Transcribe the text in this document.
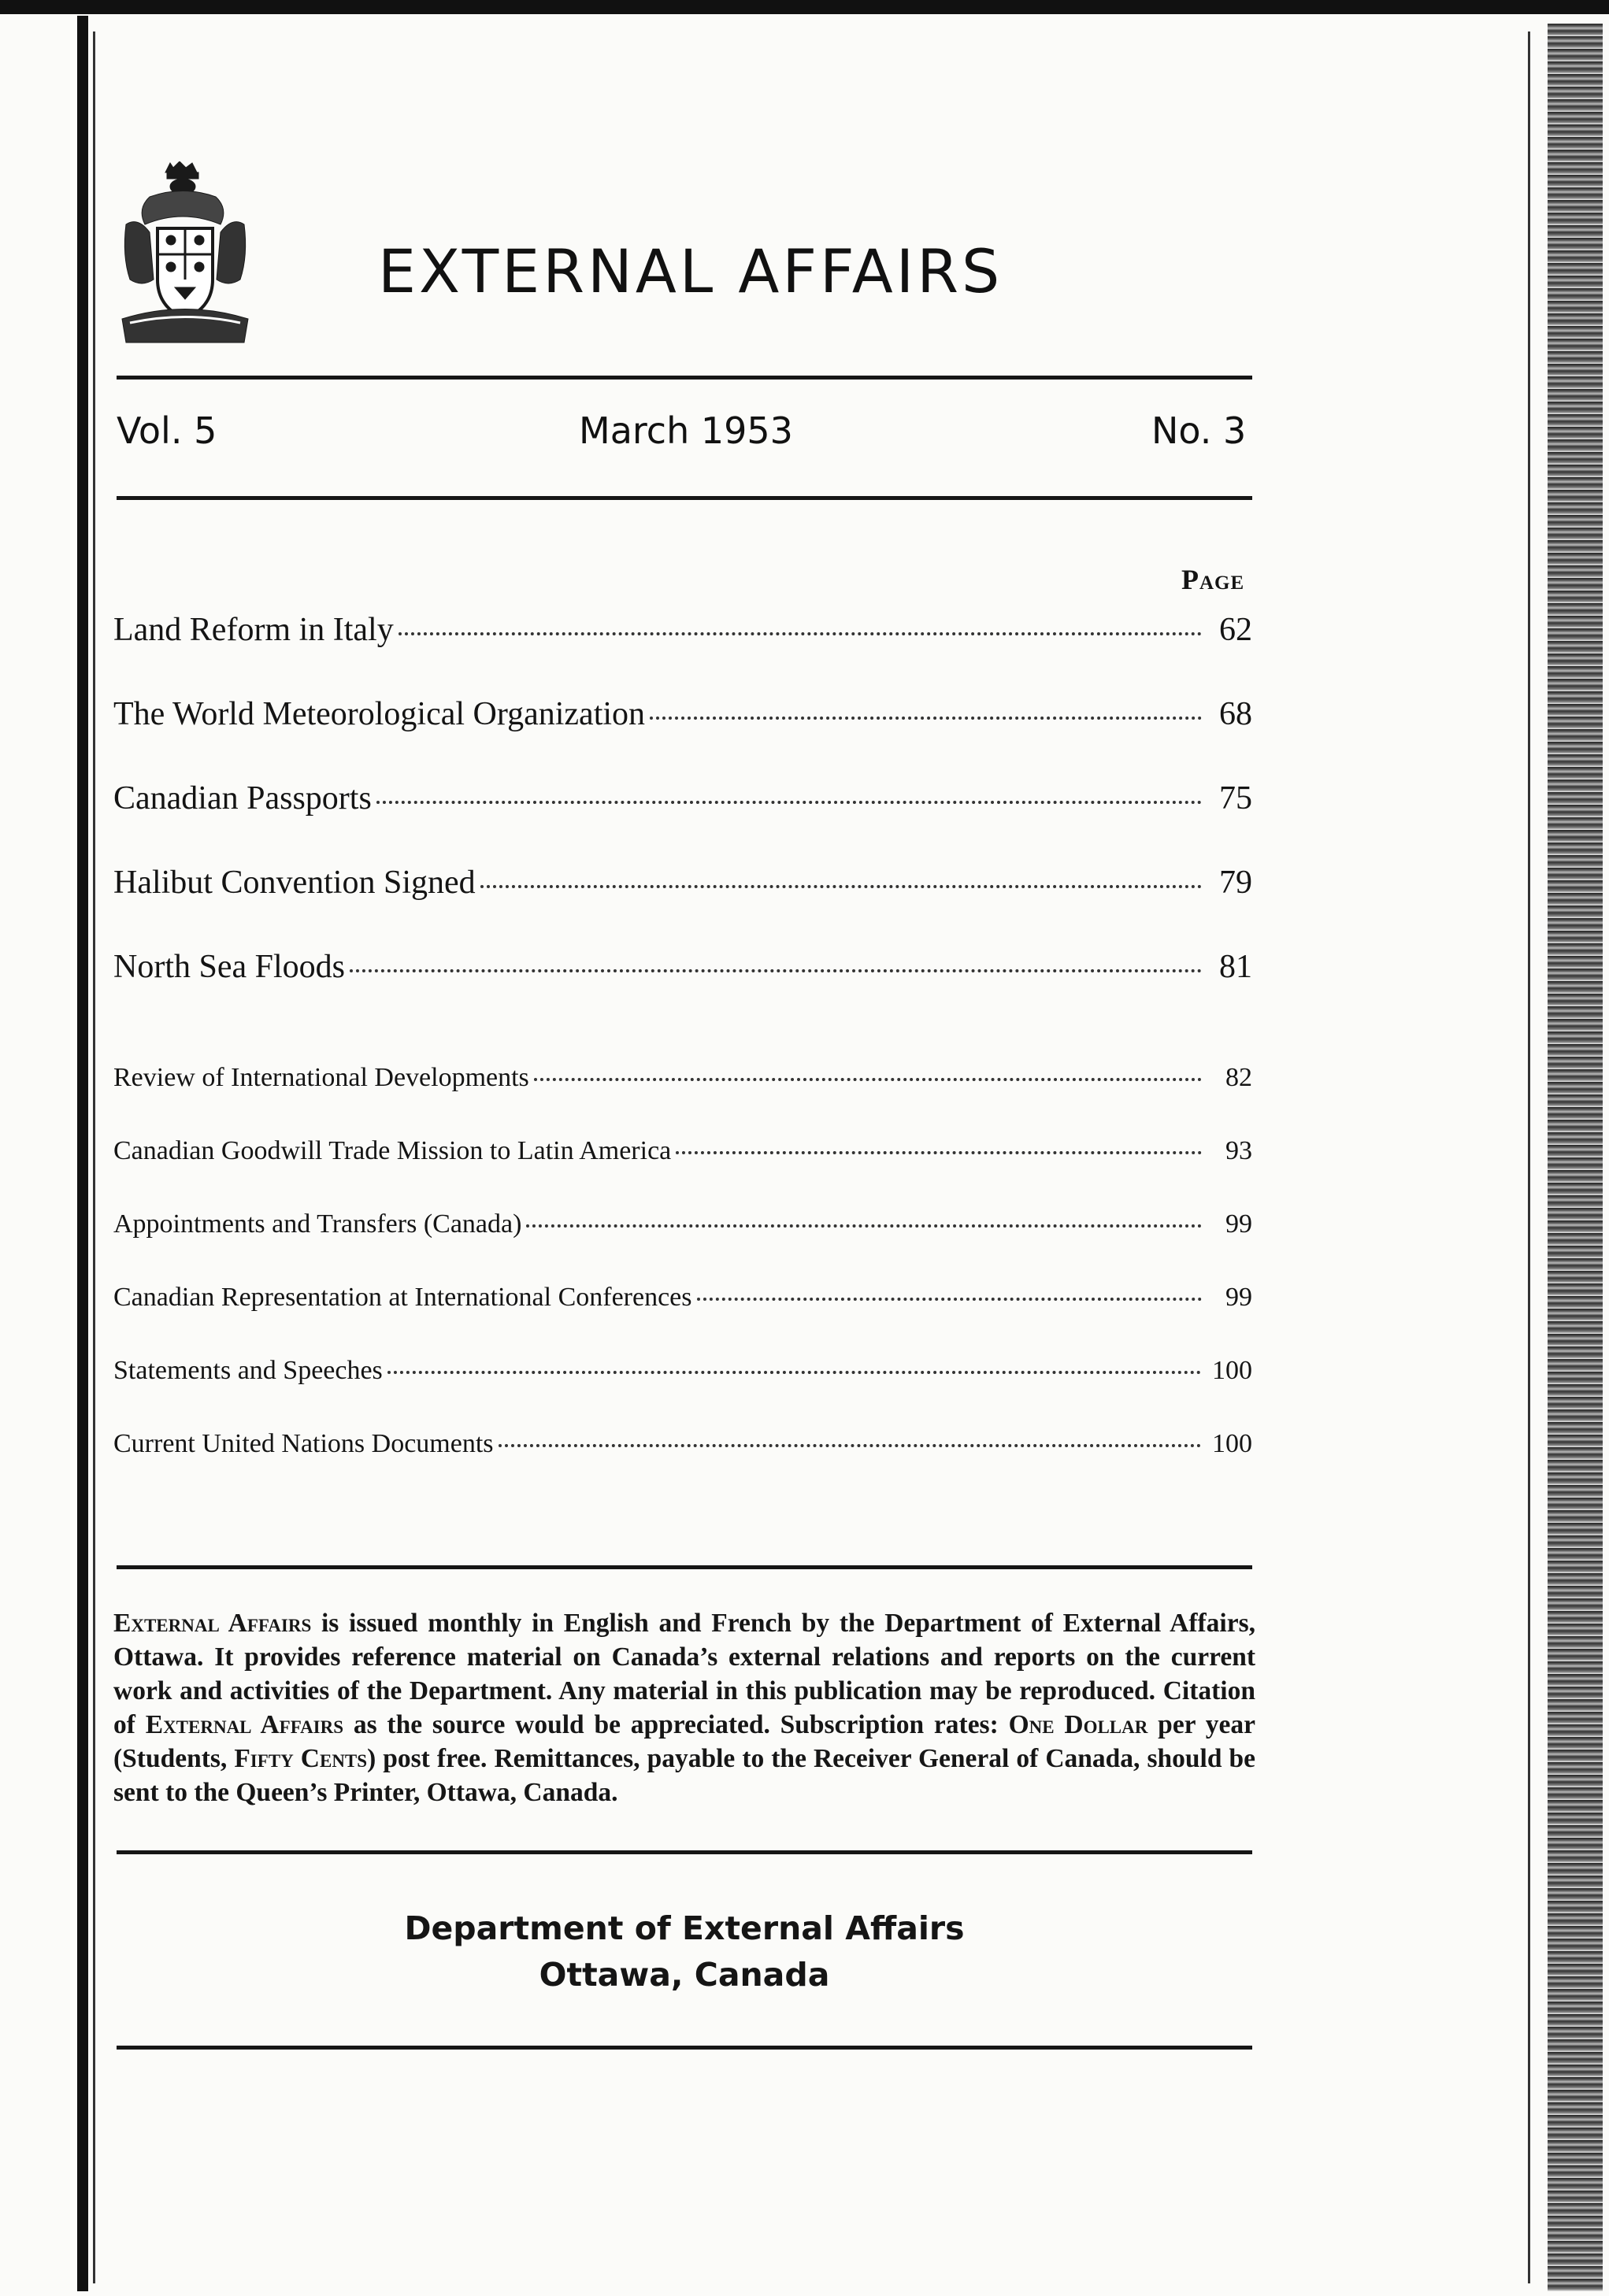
EXTERNAL AFFAIRS
Vol. 5	March 1953	No. 3
Page
Land Reform in Italy	62
The World Meteorological Organization	68
Canadian Passports	75
Halibut Convention Signed	79
North Sea Floods	81
Review of International Developments	82
Canadian Goodwill Trade Mission to Latin America	93
Appointments and Transfers (Canada)	99
Canadian Representation at International Conferences	99
Statements and Speeches	100
Current United Nations Documents	100
External Affairs is issued monthly in English and French by the Department of External Affairs, Ottawa. It provides reference material on Canada’s external relations and reports on the current work and activities of the Department. Any material in this publication may be reproduced. Citation of External Affairs as the source would be appreciated. Subscription rates: One Dollar per year (Students, Fifty Cents) post free. Remittances, payable to the Receiver General of Canada, should be sent to the Queen’s Printer, Ottawa, Canada.
Department of External Affairs
Ottawa, Canada
